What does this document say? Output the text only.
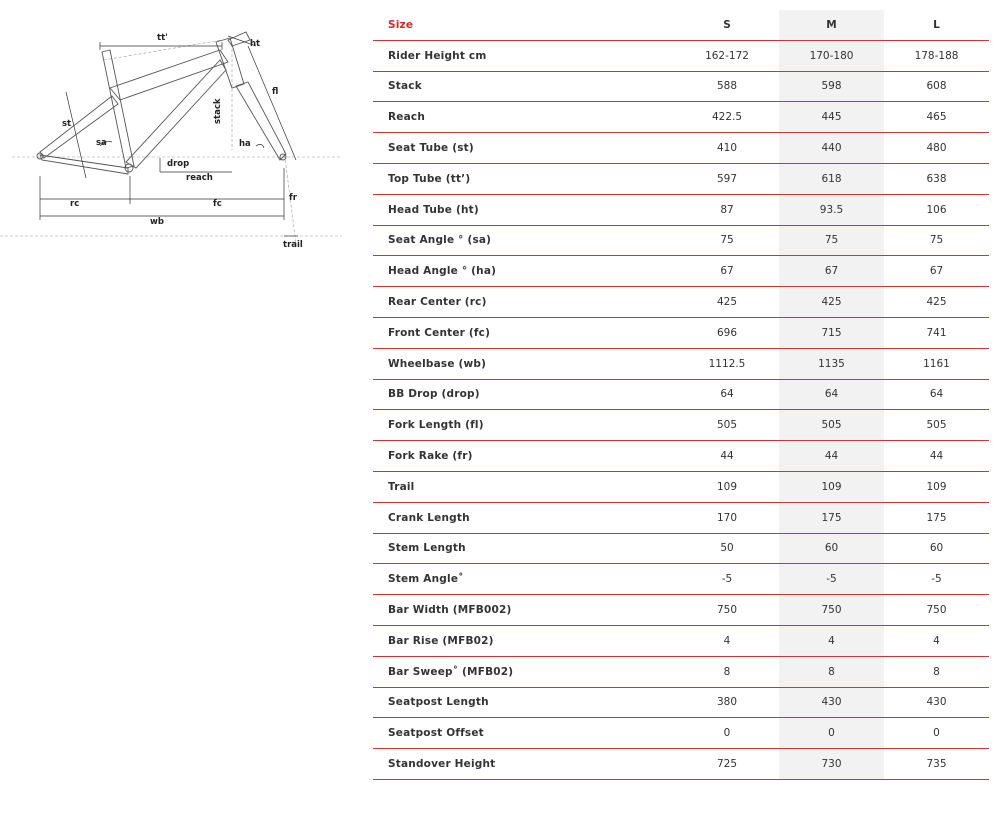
tt'
ht
fl
st
sa
stack
ha
drop
reach
rc	fc
fr
wb
trail
Size	S	M	L
Rider Height cm	162-172	170-180	178-188
Stack	588	598	608
Reach	422.5	445	465
Seat Tube (st)	410	440	480
Top Tube (tt’)	597	618	638
Head Tube (ht)	87	93.5	106
Seat Angle ° (sa)	75	75	75
Head Angle ° (ha)	67	67	67
Rear Center (rc)	425	425	425
Front Center (fc)	696	715	741
Wheelbase (wb)	1112.5	1135	1161
BB Drop (drop)	64	64	64
Fork Length (fl)	505	505	505
Fork Rake (fr)	44	44	44
Trail	109	109	109
Crank Length	170	175	175
Stem Length	50	60	60
Stem Angle˚	-5	-5	-5
Bar Width (MFB002)	750	750	750
Bar Rise (MFB02)	4	4	4
Bar Sweep˚ (MFB02)	8	8	8
Seatpost Length	380	430	430
Seatpost Offset	0	0	0
Standover Height	725	730	735
